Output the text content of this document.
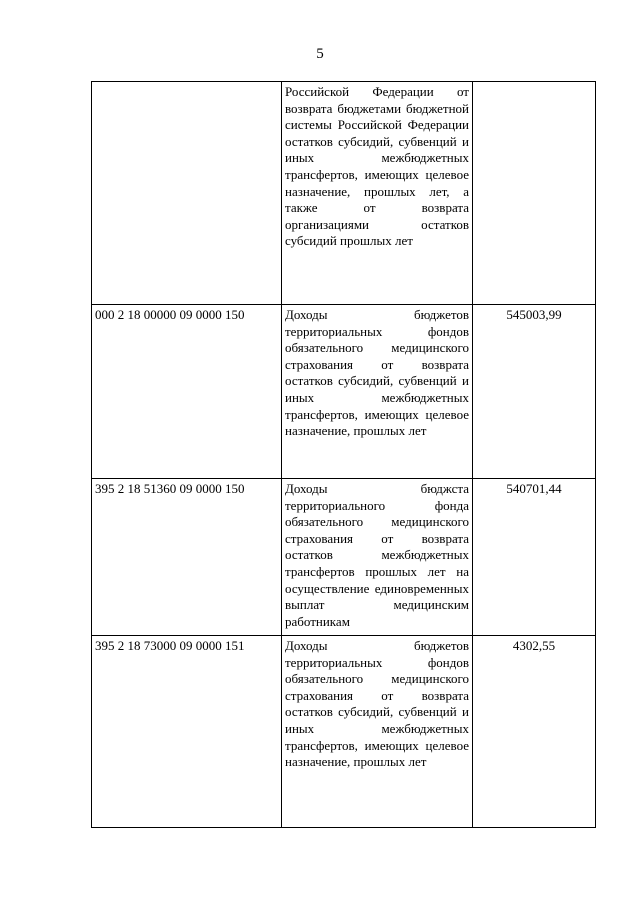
5
	Российской Федерации от возврата бюджетами бюджетной системы Российской Федерации остатков субсидий, субвенций и иных межбюджетных трансфертов, имеющих целевое назначение, прошлых лет, а также от возврата организациями остатков субсидий прошлых лет	
000 2 18 00000 09 0000 150	Доходы бюджетов территориальных фондов обязательного медицинского страхования от возврата остатков субсидий, субвенций и иных межбюджетных трансфертов, имеющих целевое назначение, прошлых лет	545003,99
395 2 18 51360 09 0000 150	Доходы бюджста территориального фонда обязательного медицинского страхования от возврата остатков межбюджетных трансфертов прошлых лет на осуществление единовременных выплат медицинским работникам	540701,44
395 2 18 73000 09 0000 151	Доходы бюджетов территориальных фондов обязательного медицинского страхования от возврата остатков субсидий, субвенций и иных межбюджетных трансфертов, имеющих целевое назначение, прошлых лет	4302,55
